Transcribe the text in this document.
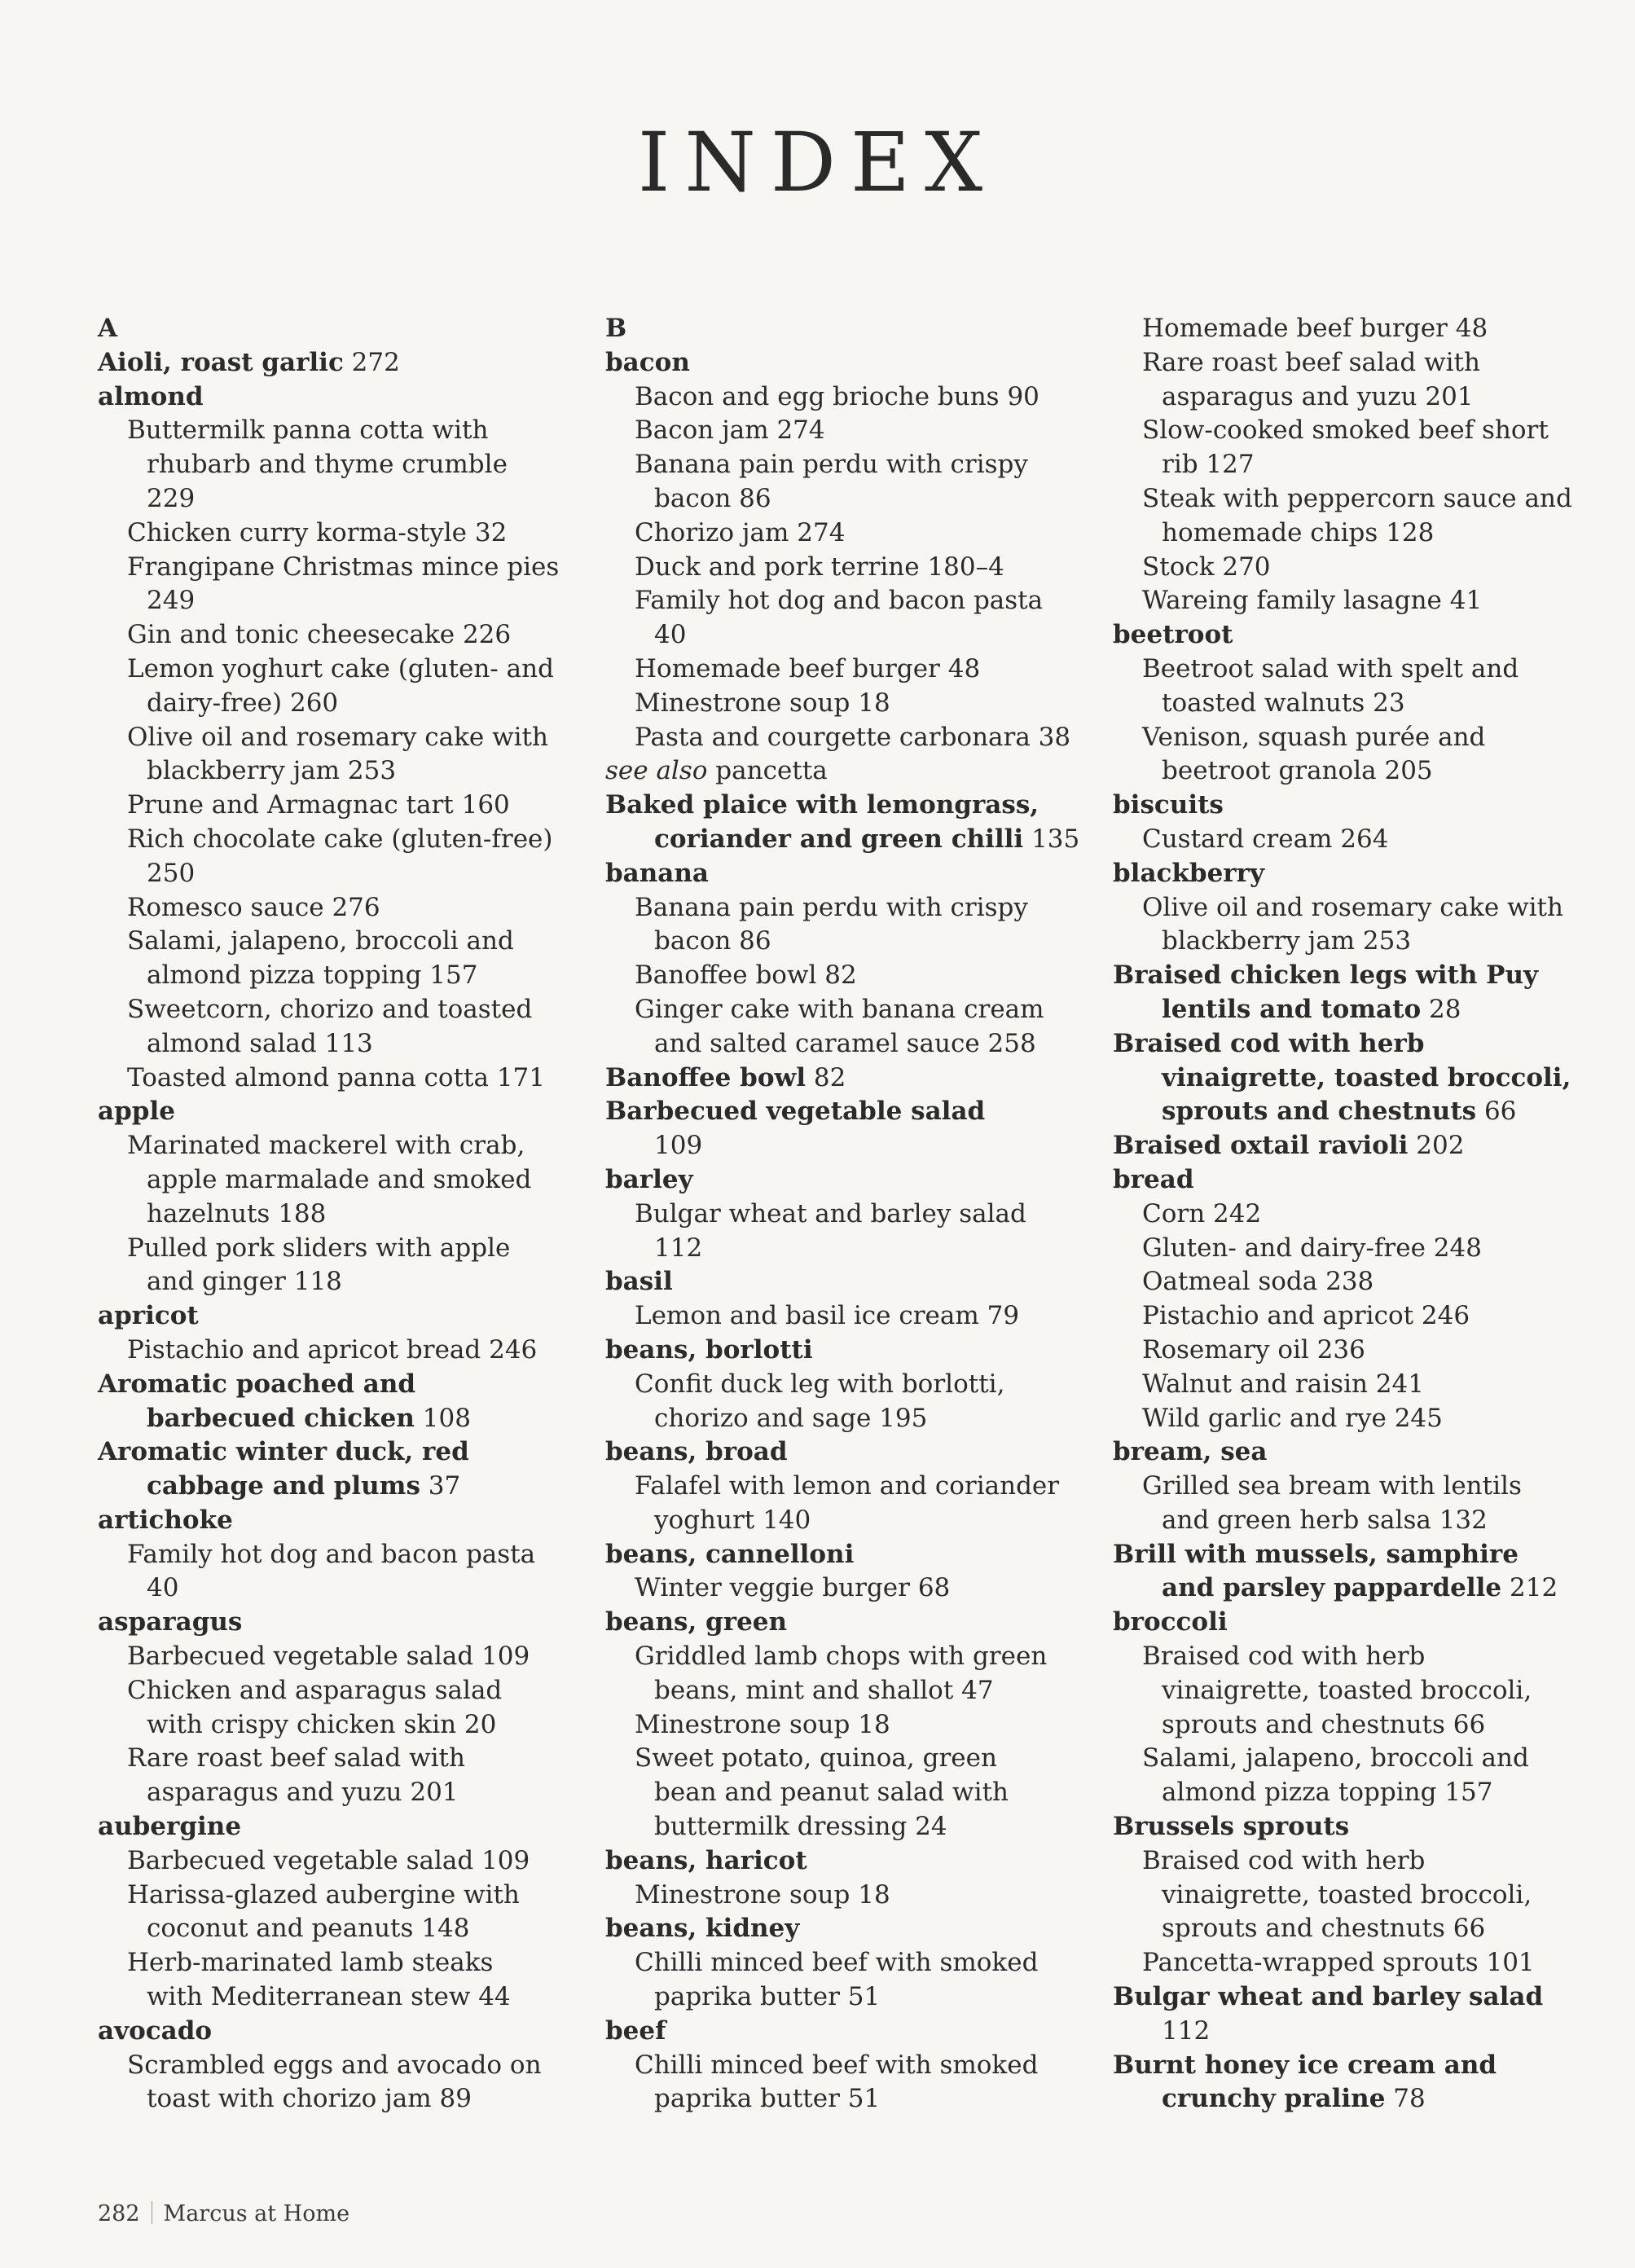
INDEX
A
Aioli, roast garlic 272
almond
Buttermilk panna cotta with
rhubarb and thyme crumble
229
Chicken curry korma-style 32
Frangipane Christmas mince pies
249
Gin and tonic cheesecake 226
Lemon yoghurt cake (gluten- and
dairy-free) 260
Olive oil and rosemary cake with
blackberry jam 253
Prune and Armagnac tart 160
Rich chocolate cake (gluten-free)
250
Romesco sauce 276
Salami, jalapeno, broccoli and
almond pizza topping 157
Sweetcorn, chorizo and toasted
almond salad 113
Toasted almond panna cotta 171
apple
Marinated mackerel with crab,
apple marmalade and smoked
hazelnuts 188
Pulled pork sliders with apple
and ginger 118
apricot
Pistachio and apricot bread 246
Aromatic poached and
barbecued chicken 108
Aromatic winter duck, red
cabbage and plums 37
artichoke
Family hot dog and bacon pasta
40
asparagus
Barbecued vegetable salad 109
Chicken and asparagus salad
with crispy chicken skin 20
Rare roast beef salad with
asparagus and yuzu 201
aubergine
Barbecued vegetable salad 109
Harissa-glazed aubergine with
coconut and peanuts 148
Herb-marinated lamb steaks
with Mediterranean stew 44
avocado
Scrambled eggs and avocado on
toast with chorizo jam 89
B
bacon
Bacon and egg brioche buns 90
Bacon jam 274
Banana pain perdu with crispy
bacon 86
Chorizo jam 274
Duck and pork terrine 180–4
Family hot dog and bacon pasta
40
Homemade beef burger 48
Minestrone soup 18
Pasta and courgette carbonara 38
see also pancetta
Baked plaice with lemongrass,
coriander and green chilli 135
banana
Banana pain perdu with crispy
bacon 86
Banoffee bowl 82
Ginger cake with banana cream
and salted caramel sauce 258
Banoffee bowl 82
Barbecued vegetable salad
109
barley
Bulgar wheat and barley salad
112
basil
Lemon and basil ice cream 79
beans, borlotti
Confit duck leg with borlotti,
chorizo and sage 195
beans, broad
Falafel with lemon and coriander
yoghurt 140
beans, cannelloni
Winter veggie burger 68
beans, green
Griddled lamb chops with green
beans, mint and shallot 47
Minestrone soup 18
Sweet potato, quinoa, green
bean and peanut salad with
buttermilk dressing 24
beans, haricot
Minestrone soup 18
beans, kidney
Chilli minced beef with smoked
paprika butter 51
beef
Chilli minced beef with smoked
paprika butter 51
Homemade beef burger 48
Rare roast beef salad with
asparagus and yuzu 201
Slow-cooked smoked beef short
rib 127
Steak with peppercorn sauce and
homemade chips 128
Stock 270
Wareing family lasagne 41
beetroot
Beetroot salad with spelt and
toasted walnuts 23
Venison, squash purée and
beetroot granola 205
biscuits
Custard cream 264
blackberry
Olive oil and rosemary cake with
blackberry jam 253
Braised chicken legs with Puy
lentils and tomato 28
Braised cod with herb
vinaigrette, toasted broccoli,
sprouts and chestnuts 66
Braised oxtail ravioli 202
bread
Corn 242
Gluten- and dairy-free 248
Oatmeal soda 238
Pistachio and apricot 246
Rosemary oil 236
Walnut and raisin 241
Wild garlic and rye 245
bream, sea
Grilled sea bream with lentils
and green herb salsa 132
Brill with mussels, samphire
and parsley pappardelle 212
broccoli
Braised cod with herb
vinaigrette, toasted broccoli,
sprouts and chestnuts 66
Salami, jalapeno, broccoli and
almond pizza topping 157
Brussels sprouts
Braised cod with herb
vinaigrette, toasted broccoli,
sprouts and chestnuts 66
Pancetta-wrapped sprouts 101
Bulgar wheat and barley salad
112
Burnt honey ice cream and
crunchy praline 78
282 Marcus at Home
